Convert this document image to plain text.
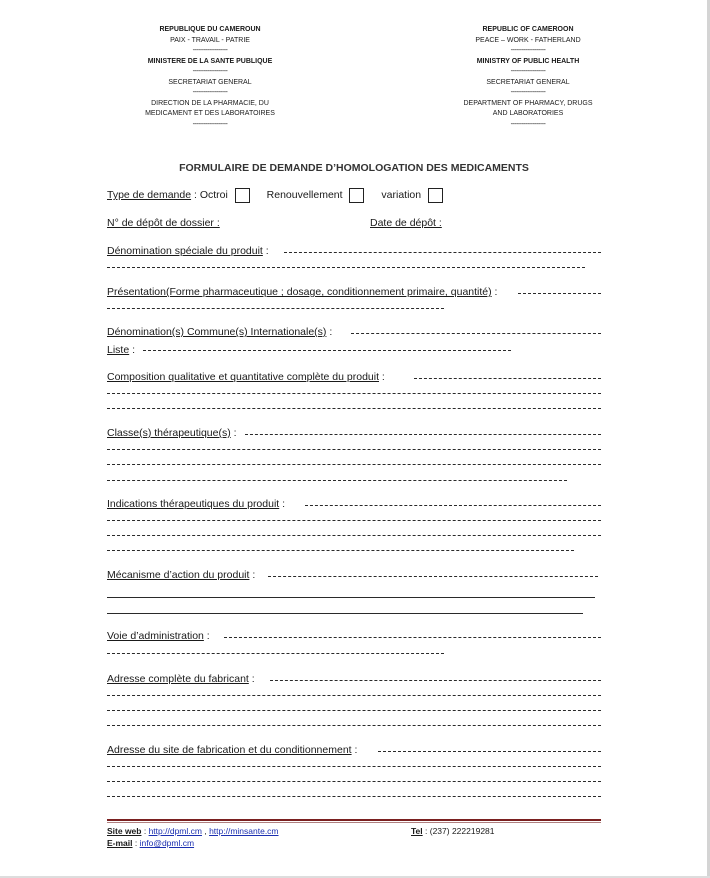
REPUBLIQUE DU CAMEROUN
PAIX - TRAVAIL - PATRIE
-------------------
MINISTERE DE LA SANTE PUBLIQUE
-------------------
SECRETARIAT GENERAL
-------------------
DIRECTION DE LA PHARMACIE, DU
MEDICAMENT ET DES LABORATOIRES
-------------------
REPUBLIC OF CAMEROON
PEACE – WORK - FATHERLAND
-------------------
MINISTRY OF PUBLIC HEALTH
-------------------
SECRETARIAT GENERAL
-------------------
DEPARTMENT OF PHARMACY, DRUGS
AND LABORATORIES
-------------------
FORMULAIRE DE DEMANDE D’HOMOLOGATION DES MEDICAMENTS
Type de demande : Octroi	Renouvellement	variation
N° de dépôt de dossier :	Date de dépôt :
Dénomination spéciale du produit :
Présentation(Forme pharmaceutique ; dosage, conditionnement primaire, quantité) :
Dénomination(s) Commune(s) Internationale(s) :
Liste :
Composition qualitative et quantitative complète du produit :
Classe(s) thérapeutique(s) :
Indications thérapeutiques du produit :
Mécanisme d’action du produit :
Voie d’administration :
Adresse complète du fabricant :
Adresse du site de fabrication et du conditionnement :
Site web : http://dpml.cm , http://minsante.cm
E-mail : info@dpml.cm
Tel : (237) 222219281
